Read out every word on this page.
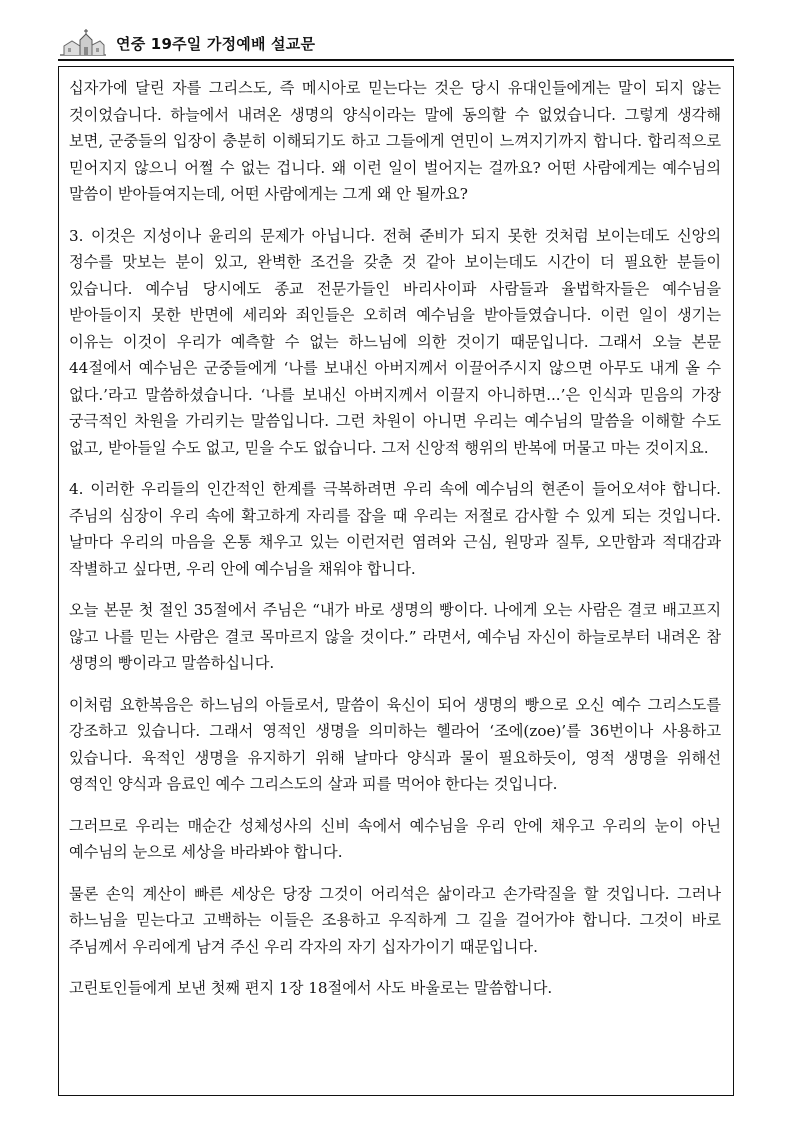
연중 19주일 가정예배 설교문

십자가에 달린 자를 그리스도, 즉 메시아로 믿는다는 것은 당시 유대인들에게는 말이 되지 않는 것이었습니다. 하늘에서 내려온 생명의 양식이라는 말에 동의할 수 없었습니다. 그렇게 생각해 보면, 군중들의 입장이 충분히 이해되기도 하고 그들에게 연민이 느껴지기까지 합니다. 합리적으로 믿어지지 않으니 어쩔 수 없는 겁니다. 왜 이런 일이 벌어지는 걸까요? 어떤 사람에게는 예수님의 말씀이 받아들여지는데, 어떤 사람에게는 그게 왜 안 될까요?

3. 이것은 지성이나 윤리의 문제가 아닙니다. 전혀 준비가 되지 못한 것처럼 보이는데도 신앙의 정수를 맛보는 분이 있고, 완벽한 조건을 갖춘 것 같아 보이는데도 시간이 더 필요한 분들이 있습니다. 예수님 당시에도 종교 전문가들인 바리사이파 사람들과 율법학자들은 예수님을 받아들이지 못한 반면에 세리와 죄인들은 오히려 예수님을 받아들였습니다. 이런 일이 생기는 이유는 이것이 우리가 예측할 수 없는 하느님에 의한 것이기 때문입니다. 그래서 오늘 본문 44절에서 예수님은 군중들에게 ‘나를 보내신 아버지께서 이끌어주시지 않으면 아무도 내게 올 수 없다.’라고 말씀하셨습니다. ‘나를 보내신 아버지께서 이끌지 아니하면...’은 인식과 믿음의 가장 궁극적인 차원을 가리키는 말씀입니다. 그런 차원이 아니면 우리는 예수님의 말씀을 이해할 수도 없고, 받아들일 수도 없고, 믿을 수도 없습니다. 그저 신앙적 행위의 반복에 머물고 마는 것이지요.

4. 이러한 우리들의 인간적인 한계를 극복하려면 우리 속에 예수님의 현존이 들어오셔야 합니다. 주님의 심장이 우리 속에 확고하게 자리를 잡을 때 우리는 저절로 감사할 수 있게 되는 것입니다. 날마다 우리의 마음을 온통 채우고 있는 이런저런 염려와 근심, 원망과 질투, 오만함과 적대감과 작별하고 싶다면, 우리 안에 예수님을 채워야 합니다.

오늘 본문 첫 절인 35절에서 주님은 “내가 바로 생명의 빵이다. 나에게 오는 사람은 결코 배고프지 않고 나를 믿는 사람은 결코 목마르지 않을 것이다.” 라면서, 예수님 자신이 하늘로부터 내려온 참 생명의 빵이라고 말씀하십니다.

이처럼 요한복음은 하느님의 아들로서, 말씀이 육신이 되어 생명의 빵으로 오신 예수 그리스도를 강조하고 있습니다. 그래서 영적인 생명을 의미하는 헬라어 ‘조에(zoe)’를 36번이나 사용하고 있습니다. 육적인 생명을 유지하기 위해 날마다 양식과 물이 필요하듯이, 영적 생명을 위해선 영적인 양식과 음료인 예수 그리스도의 살과 피를 먹어야 한다는 것입니다.

그러므로 우리는 매순간 성체성사의 신비 속에서 예수님을 우리 안에 채우고 우리의 눈이 아닌 예수님의 눈으로 세상을 바라봐야 합니다.

물론 손익 계산이 빠른 세상은 당장 그것이 어리석은 삶이라고 손가락질을 할 것입니다. 그러나 하느님을 믿는다고 고백하는 이들은 조용하고 우직하게 그 길을 걸어가야 합니다. 그것이 바로 주님께서 우리에게 남겨 주신 우리 각자의 자기 십자가이기 때문입니다.

고린토인들에게 보낸 첫째 편지 1장 18절에서 사도 바울로는 말씀합니다.
